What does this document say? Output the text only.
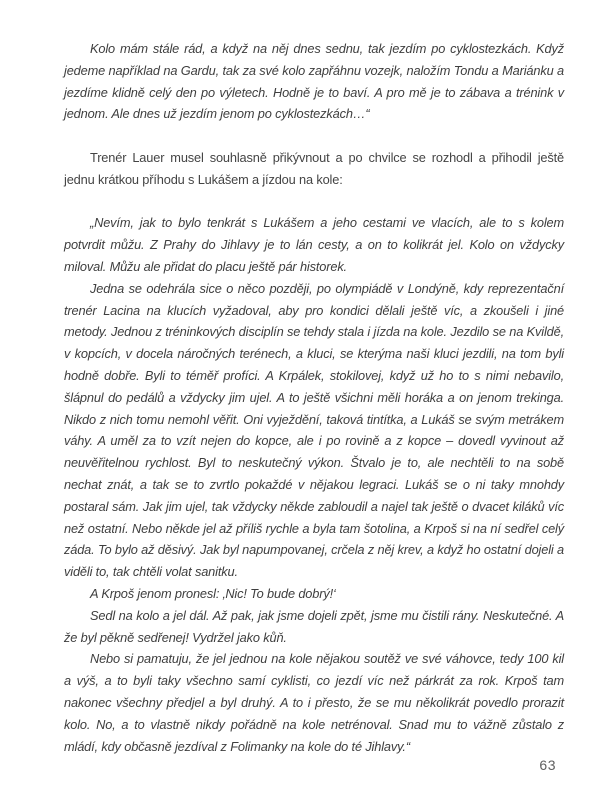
Kolo mám stále rád, a když na něj dnes sednu, tak jezdím po cyklostezkách. Když jedeme například na Gardu, tak za své kolo zapřáhnu vozejk, naložím Tondu a Mariánku a jezdíme klidně celý den po výletech. Hodně je to baví. A pro mě je to zábava a trénink v jednom. Ale dnes už jezdím jenom po cyklostezkách…“

Trenér Lauer musel souhlasně přikývnout a po chvilce se rozhodl a přihodil ještě jednu krátkou příhodu s Lukášem a jízdou na kole:

„Nevím, jak to bylo tenkrát s Lukášem a jeho cestami ve vlacích, ale to s kolem potvrdit můžu. Z Prahy do Jihlavy je to lán cesty, a on to kolikrát jel. Kolo on vždycky miloval. Můžu ale přidat do placu ještě pár historek.

Jedna se odehrála sice o něco později, po olympiádě v Londýně, kdy reprezentační trenér Lacina na klucích vyžadoval, aby pro kondici dělali ještě víc, a zkoušeli i jiné metody. Jednou z tréninkových disciplín se tehdy stala i jízda na kole. Jezdilo se na Kvildě, v kopcích, v docela náročných terénech, a kluci, se kterýma naši kluci jezdili, na tom byli hodně dobře. Byli to téměř profíci. A Krpálek, stokilovej, když už ho to s nimi nebavilo, šlápnul do pedálů a vždycky jim ujel. A to ještě všichni měli horáka a on jenom trekinga. Nikdo z nich tomu nemohl věřit. Oni vyježdění, taková tintítka, a Lukáš se svým metrákem váhy. A uměl za to vzít nejen do kopce, ale i po rovině a z kopce – dovedl vyvinout až neuvěřitelnou rychlost. Byl to neskutečný výkon. Štvalo je to, ale nechtěli to na sobě nechat znát, a tak se to zvrtlo pokaždé v nějakou legraci. Lukáš se o ni taky mnohdy postaral sám. Jak jim ujel, tak vždycky někde zabloudil a najel tak ještě o dvacet kiláků víc než ostatní. Nebo někde jel až příliš rychle a byla tam šotolina, a Krpoš si na ní sedřel celý záda. To bylo až děsivý. Jak byl napumpovanej, crčela z něj krev, a když ho ostatní dojeli a viděli to, tak chtěli volat sanitku.

A Krpoš jenom pronesl: ‚Nic! To bude dobrý!‘

Sedl na kolo a jel dál. Až pak, jak jsme dojeli zpět, jsme mu čistili rány. Neskutečné. A že byl pěkně sedřenej! Vydržel jako kůň.

Nebo si pamatuju, že jel jednou na kole nějakou soutěž ve své váhovce, tedy 100 kil a výš, a to byli taky všechno samí cyklisti, co jezdí víc než párkrát za rok. Krpoš tam nakonec všechny předjel a byl druhý. A to i přesto, že se mu několikrát povedlo prorazit kolo. No, a to vlastně nikdy pořádně na kole netrénoval. Snad mu to vážně zůstalo z mládí, kdy občasně jezdíval z Folimanky na kole do té Jihlavy.“

63
